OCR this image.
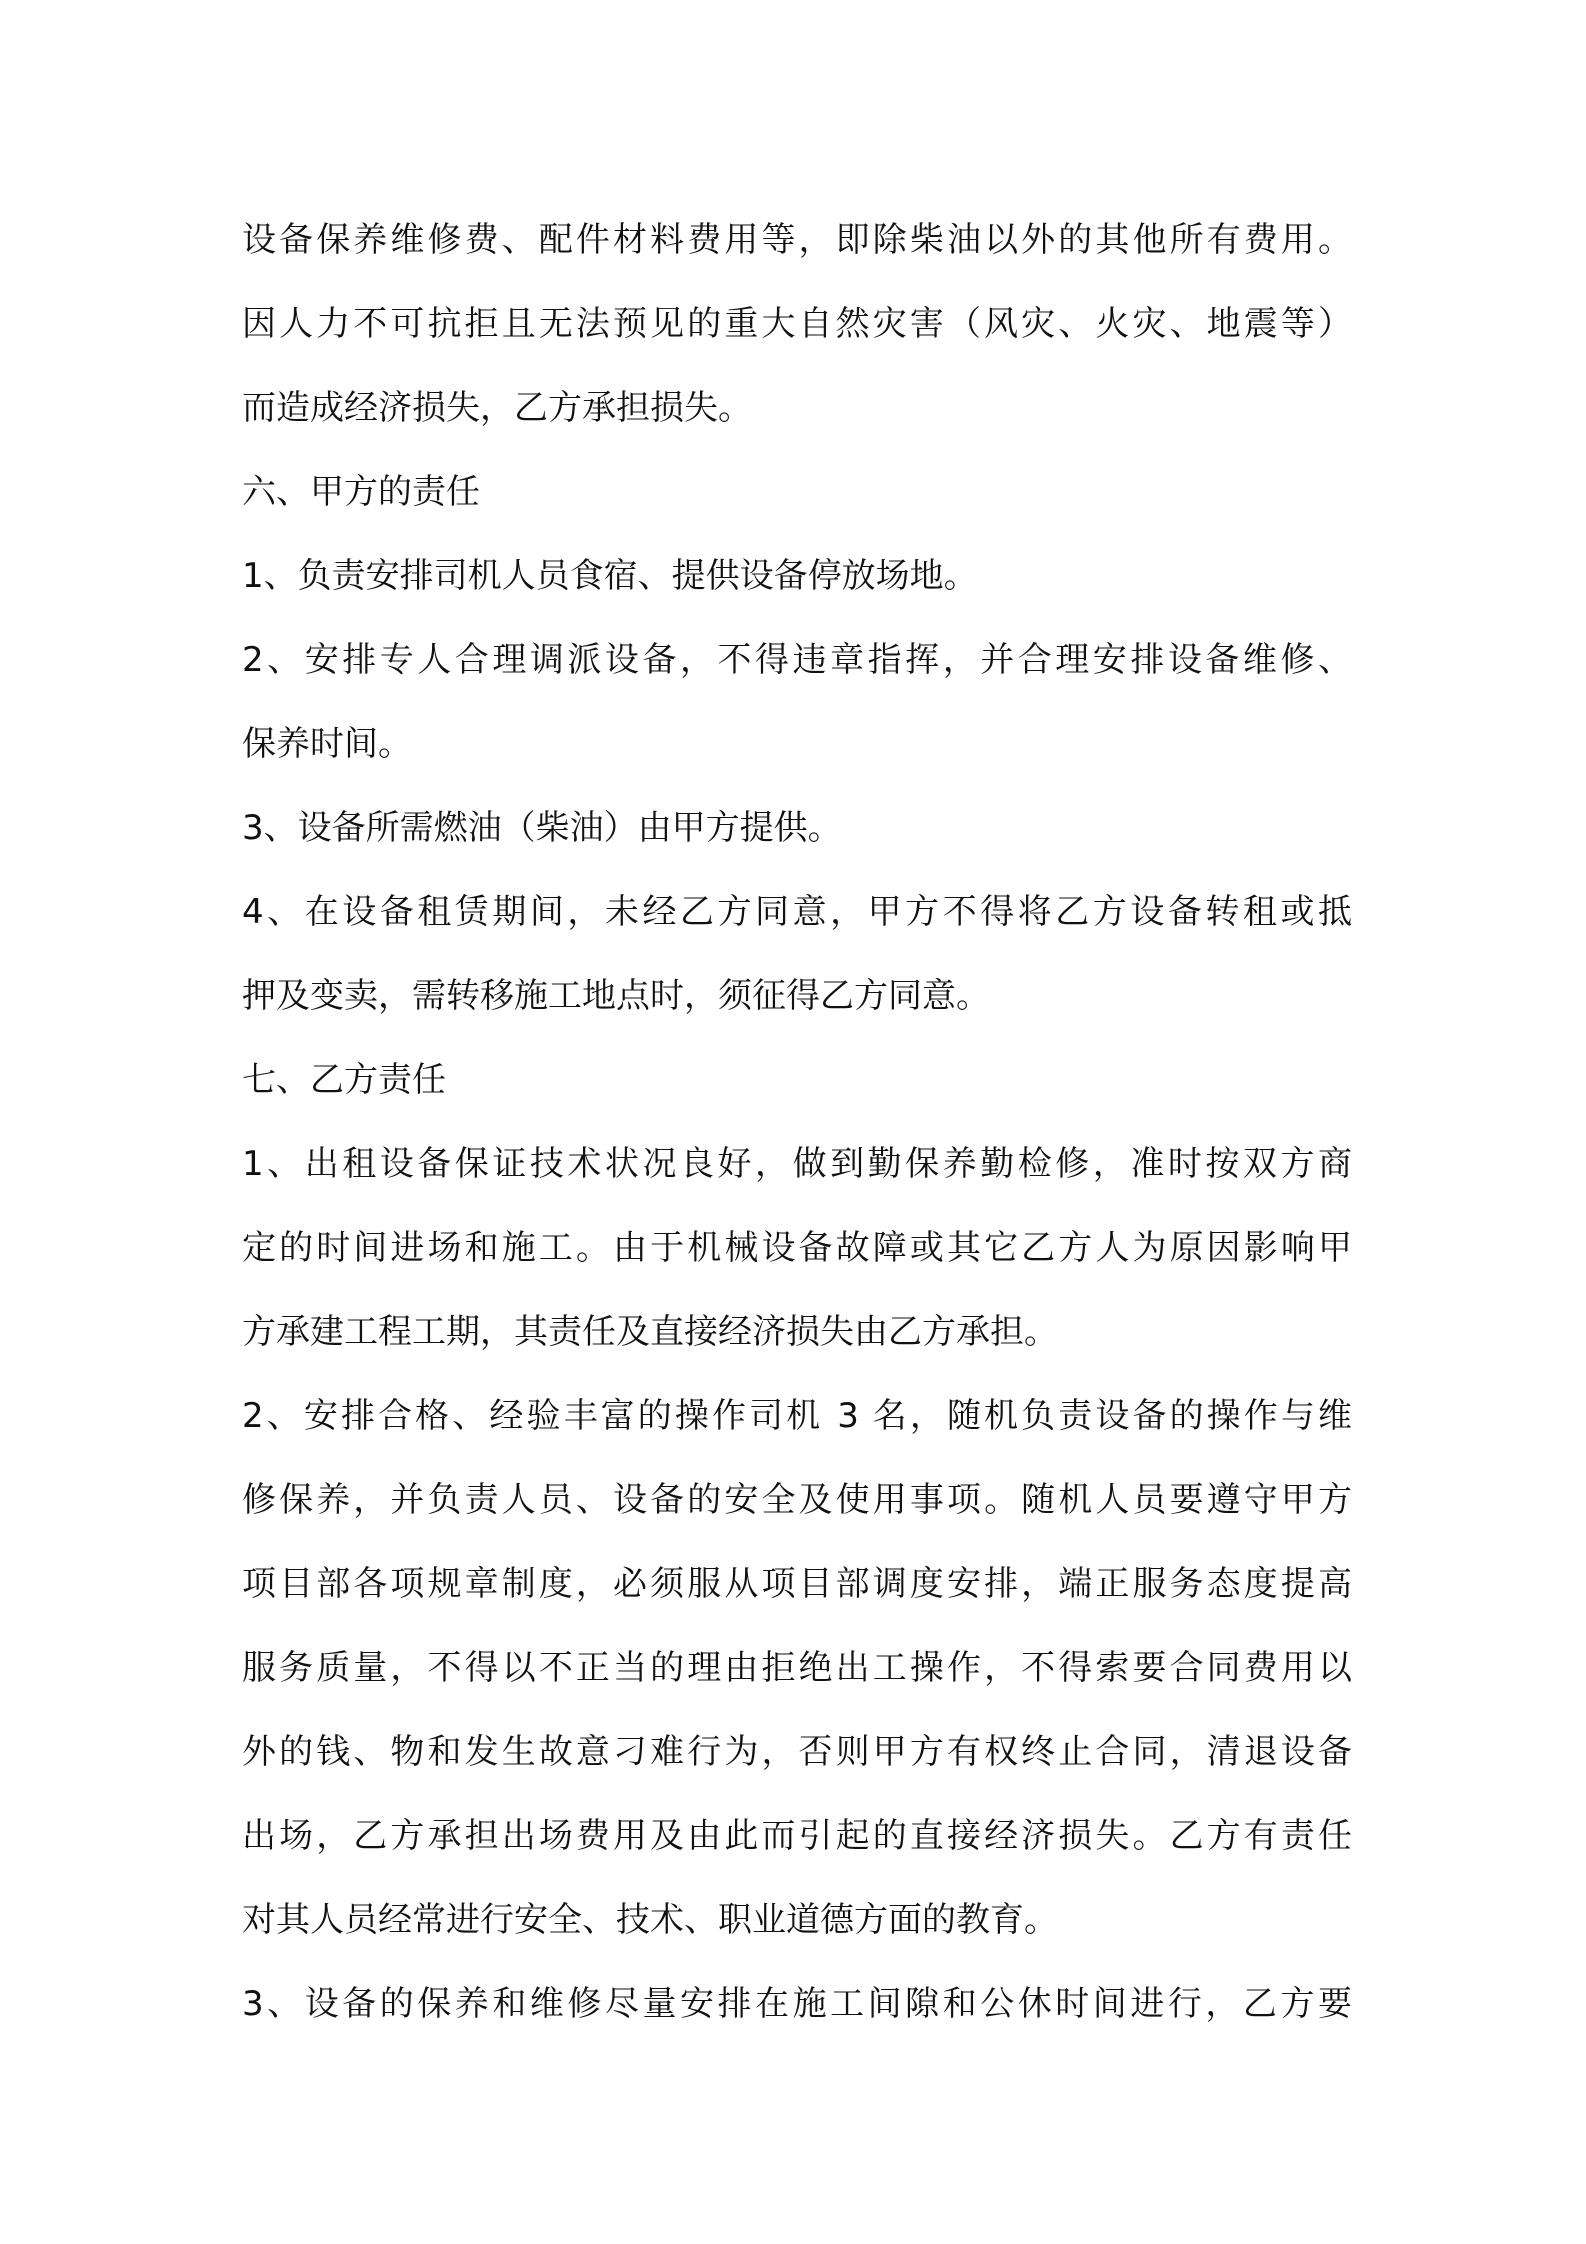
设备保养维修费、配件材料费用等，即除柴油以外的其他所有费用。
因人力不可抗拒且无法预见的重大自然灾害（风灾、火灾、地震等）
而造成经济损失，乙方承担损失。
六、甲方的责任
1、负责安排司机人员食宿、提供设备停放场地。
2、安排专人合理调派设备，不得违章指挥，并合理安排设备维修、
保养时间。
3、设备所需燃油（柴油）由甲方提供。
4、在设备租赁期间，未经乙方同意，甲方不得将乙方设备转租或抵
押及变卖，需转移施工地点时，须征得乙方同意。
七、乙方责任
1、出租设备保证技术状况良好，做到勤保养勤检修，准时按双方商
定的时间进场和施工。由于机械设备故障或其它乙方人为原因影响甲
方承建工程工期，其责任及直接经济损失由乙方承担。
2、安排合格、经验丰富的操作司机 3 名，随机负责设备的操作与维
修保养，并负责人员、设备的安全及使用事项。随机人员要遵守甲方
项目部各项规章制度，必须服从项目部调度安排，端正服务态度提高
服务质量，不得以不正当的理由拒绝出工操作，不得索要合同费用以
外的钱、物和发生故意刁难行为，否则甲方有权终止合同，清退设备
出场，乙方承担出场费用及由此而引起的直接经济损失。乙方有责任
对其人员经常进行安全、技术、职业道德方面的教育。
3、设备的保养和维修尽量安排在施工间隙和公休时间进行，乙方要
